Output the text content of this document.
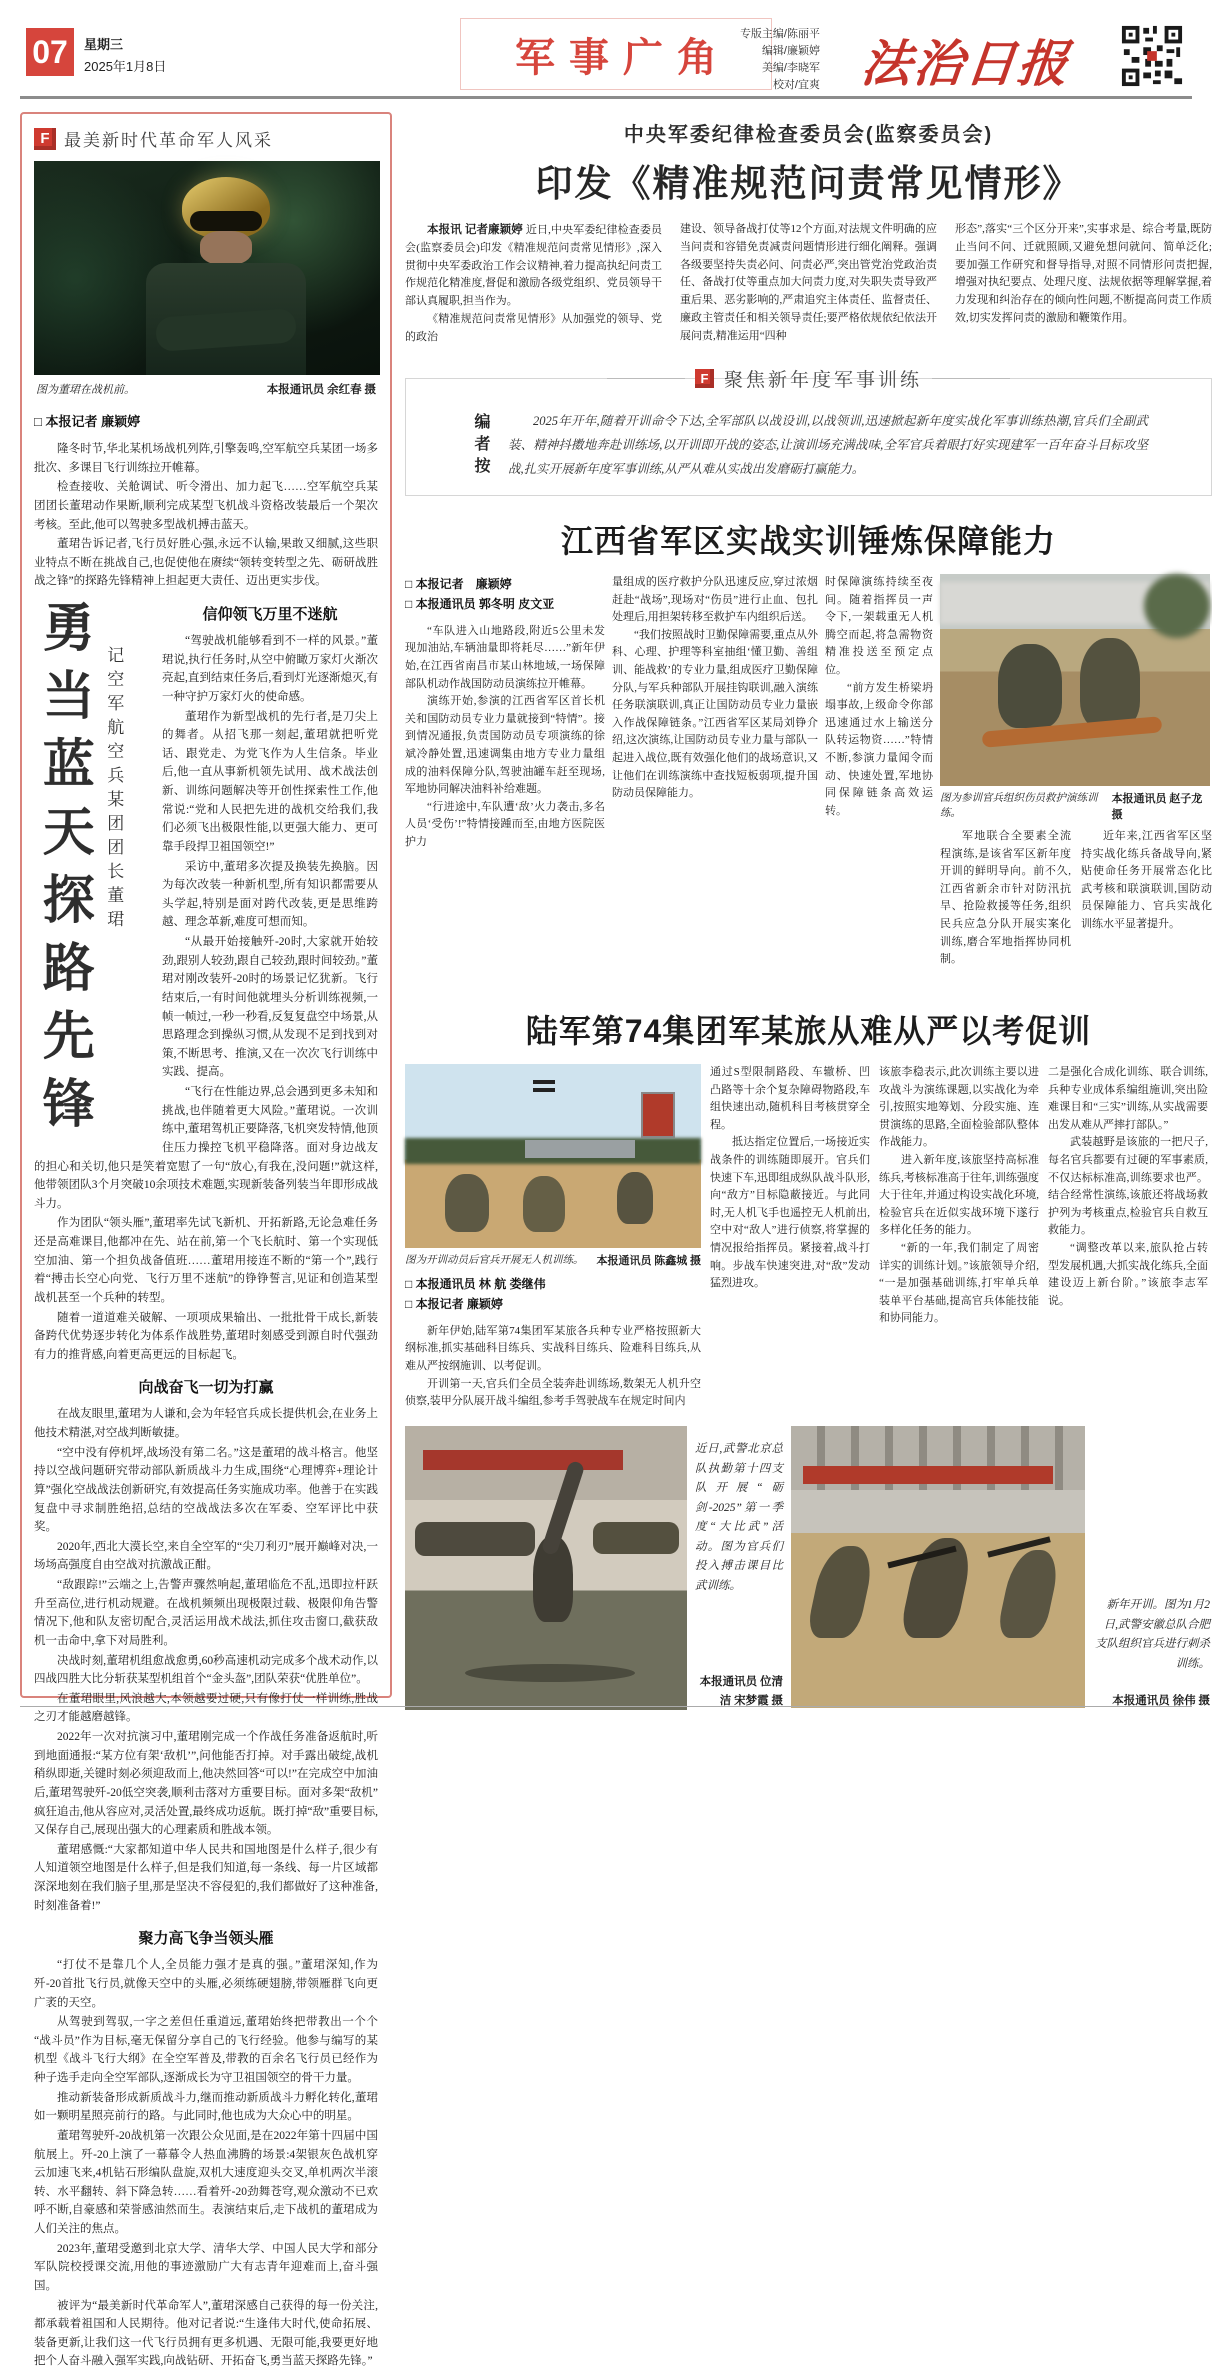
07	星期三
2025年1月8日	军事广角
专版主编/陈丽平
编辑/廉颖婷
美编/李晓军
校对/宜爽 法治日报
F 最美新时代革命军人风采
图为董珺在战机前。	本报通讯员 余红春 摄
□ 本报记者 廉颖婷

隆冬时节,华北某机场战机列阵,引擎轰鸣,空军航空兵某团一场多批次、多课目飞行训练拉开帷幕。

检查接收、关舱调试、听令滑出、加力起飞……空军航空兵某团团长董珺动作果断,顺利完成某型飞机战斗资格改装最后一个架次考核。至此,他可以驾驶多型战机搏击蓝天。

董珺告诉记者,飞行员好胜心强,永远不认输,果敢又细腻,这些职业特点不断在挑战自己,也促使他在赓续“领转变转型之先、砺研战胜战之锋”的探路先锋精神上担起更大责任、迈出更实步伐。

勇当蓝天探路先锋 记空军航空兵某团团长董珺
信仰领飞万里不迷航

“驾驶战机能够看到不一样的风景。”董珺说,执行任务时,从空中俯瞰万家灯火渐次亮起,直到结束任务后,看到灯光逐渐熄灭,有一种守护万家灯火的使命感。

董珺作为新型战机的先行者,是刀尖上的舞者。从招飞那一刻起,董珺就把听党话、跟党走、为党飞作为人生信条。毕业后,他一直从事新机领先试用、战术战法创新、训练问题解决等开创性探索性工作,他常说:“党和人民把先进的战机交给我们,我们必须飞出极限性能,以更强大能力、更可靠手段捍卫祖国领空!”

采访中,董珺多次提及换装先换脑。因为每次改装一种新机型,所有知识都需要从头学起,特别是面对跨代改装,更是思维跨越、理念革新,难度可想而知。

“从最开始接触歼-20时,大家就开始较劲,跟别人较劲,跟自己较劲,跟时间较劲。”董珺对刚改装歼-20时的场景记忆犹新。飞行结束后,一有时间他就埋头分析训练视频,一帧一帧过,一秒一秒看,反复复盘空中场景,从思路理念到操纵习惯,从发现不足到找到对策,不断思考、推演,又在一次次飞行训练中实践、提高。

“飞行在性能边界,总会遇到更多未知和挑战,也伴随着更大风险。”董珺说。一次训练中,董珺驾机正要降落,飞机突发特情,他顶住压力操控飞机平稳降落。面对身边战友的担心和关切,他只是笑着宽慰了一句“放心,有我在,没问题!”就这样,他带领团队3个月突破10余项技术难题,实现新装备列装当年即形成战斗力。

作为团队“领头雁”,董珺率先试飞新机、开拓新路,无论急难任务还是高难课目,他都冲在先、站在前,第一个飞长航时、第一个实现低空加油、第一个担负战备值班……董珺用接连不断的“第一个”,践行着“搏击长空心向党、飞行万里不迷航”的铮铮誓言,见证和创造某型战机甚至一个兵种的转型。

随着一道道难关破解、一项项成果输出、一批批骨干成长,新装备跨代优势逐步转化为体系作战胜势,董珺时刻感受到源自时代强劲有力的推背感,向着更高更远的目标起飞。

向战奋飞一切为打赢

在战友眼里,董珺为人谦和,会为年轻官兵成长提供机会,在业务上他技术精湛,对空战判断敏捷。

“空中没有停机坪,战场没有第二名。”这是董珺的战斗格言。他坚持以空战问题研究带动部队新质战斗力生成,围绕“心理博弈+理论计算”强化空战战法创新研究,有效提高任务实施成功率。他善于在实践复盘中寻求制胜绝招,总结的空战战法多次在军委、空军评比中获奖。

2020年,西北大漠长空,来自全空军的“尖刀利刃”展开巅峰对决,一场场高强度自由空战对抗激战正酣。

“敌跟踪!”云端之上,告警声骤然响起,董珺临危不乱,迅即拉杆跃升至高位,进行机动规避。在战机频频出现极限过载、极限仰角告警情况下,他和队友密切配合,灵活运用战术战法,抓住攻击窗口,截获敌机一击命中,拿下对局胜利。

决战时刻,董珺机组愈战愈勇,60秒高速机动完成多个战术动作,以四战四胜大比分斩获某型机组首个“金头盔”,团队荣获“优胜单位”。

在董珺眼里,风浪越大,本领越要过硬,只有像打仗一样训练,胜战之刃才能越磨越锋。

2022年一次对抗演习中,董珺刚完成一个作战任务准备返航时,听到地面通报:“某方位有架‘敌机’”,问他能否打掉。对手露出破绽,战机稍纵即逝,关键时刻必须迎敌而上,他决然回答“可以!”在完成空中加油后,董珺驾驶歼-20低空突袭,顺利击落对方重要目标。面对多架“敌机”疯狂追击,他从容应对,灵活处置,最终成功返航。既打掉“敌”重要目标,又保存自己,展现出强大的心理素质和胜战本领。

董珺感慨:“大家都知道中华人民共和国地图是什么样子,很少有人知道领空地图是什么样子,但是我们知道,每一条线、每一片区域都深深地刻在我们脑子里,那是坚决不容侵犯的,我们都做好了这种准备,时刻准备着!”

聚力高飞争当领头雁

“打仗不是靠几个人,全员能力强才是真的强。”董珺深知,作为歼-20首批飞行员,就像天空中的头雁,必须练硬翅膀,带领雁群飞向更广袤的天空。

从驾驶到驾驭,一字之差但任重道远,董珺始终把带教出一个个“战斗员”作为目标,毫无保留分享自己的飞行经验。他参与编写的某机型《战斗飞行大纲》在全空军普及,带教的百余名飞行员已经作为种子选手走向全空军部队,逐渐成长为守卫祖国领空的骨干力量。

推动新装备形成新质战斗力,继而推动新质战斗力孵化转化,董珺如一颗明星照亮前行的路。与此同时,他也成为大众心中的明星。

董珺驾驶歼-20战机第一次跟公众见面,是在2022年第十四届中国航展上。歼-20上演了一幕幕令人热血沸腾的场景:4架银灰色战机穿云加速飞来,4机钻石形编队盘旋,双机大速度迎头交叉,单机两次半滚转、水平翻转、斜下降急转……看着歼-20劲舞苍穹,观众激动不已欢呼不断,自豪感和荣誉感油然而生。表演结束后,走下战机的董珺成为人们关注的焦点。

2023年,董珺受邀到北京大学、清华大学、中国人民大学和部分军队院校授课交流,用他的事迹激励广大有志青年迎难而上,奋斗强国。

被评为“最美新时代革命军人”,董珺深感自己获得的每一份关注,都承载着祖国和人民期待。他对记者说:“生逢伟大时代,使命拓展、装备更新,让我们这一代飞行员拥有更多机遇、无限可能,我要更好地把个人奋斗融入强军实践,向战钻研、开拓奋飞,勇当蓝天探路先锋。”

中央军委纪律检查委员会(监察委员会)
印发《精准规范问责常见情形》

本报讯 记者廉颖婷 近日,中央军委纪律检查委员会(监察委员会)印发《精准规范问责常见情形》,深入贯彻中央军委政治工作会议精神,着力提高执纪问责工作规范化精准度,督促和激励各级党组织、党员领导干部认真履职,担当作为。

《精准规范问责常见情形》从加强党的领导、党的政治

建设、领导备战打仗等12个方面,对法规文件明确的应当问责和容错免责减责问题情形进行细化阐释。强调各级要坚持失责必问、问责必严,突出管党治党政治责任、备战打仗等重点加大问责力度,对失职失责导致严重后果、恶劣影响的,严肃追究主体责任、监督责任、廉政主管责任和相关领导责任;要严格依规依纪依法开展问责,精准运用“四种

形态”,落实“三个区分开来”,实事求是、综合考量,既防止当问不问、迁就照顾,又避免想问就问、简单泛化;要加强工作研究和督导指导,对照不同情形问责把握,增强对执纪要点、处理尺度、法规依据等理解掌握,着力发现和纠治存在的倾向性问题,不断提高问责工作质效,切实发挥问责的激励和鞭策作用。

F 聚焦新年度军事训练
编者按	2025年开年,随着开训命令下达,全军部队以战设训,以战领训,迅速掀起新年度实战化军事训练热潮,官兵们全副武装、精神抖擞地奔赴训练场,以开训即开战的姿态,让演训场充满战味,全军官兵着眼打好实现建军一百年奋斗目标攻坚战,扎实开展新年度军事训练,从严从难从实战出发磨砺打赢能力。

江西省军区实战实训锤炼保障能力
□ 本报记者　廉颖婷
□ 本报通讯员 郭冬明 皮文亚

“车队进入山地路段,附近5公里未发现加油站,车辆油量即将耗尽……”新年伊始,在江西省南昌市某山林地域,一场保障部队机动作战国防动员演练拉开帷幕。

演练开始,参演的江西省军区首长机关和国防动员专业力量就接到“特情”。接到情况通报,负责国防动员专项演练的徐斌冷静处置,迅速调集由地方专业力量组成的油料保障分队,驾驶油罐车赶至现场,军地协同解决油料补给难题。

“行进途中,车队遭‘敌’火力袭击,多名人员‘受伤’!”特情接踵而至,由地方医院医护力

量组成的医疗救护分队迅速反应,穿过浓烟赶赴“战场”,现场对“伤员”进行止血、包扎处理后,用担架转移至救护车内组织后送。

“我们按照战时卫勤保障需要,重点从外科、心理、护理等科室抽组‘懂卫勤、善组训、能战救’的专业力量,组成医疗卫勤保障分队,与军兵种部队开展挂钩联训,融入演练任务联演联训,真正让国防动员专业力量嵌入作战保障链条。”江西省军区某局刘铮介绍,这次演练,让国防动员专业力量与部队一起进入战位,既有效强化他们的战场意识,又让他们在训练演练中查找短板弱项,提升国防动员保障能力。

时保障演练持续至夜间。随着指挥员一声令下,一架载重无人机腾空而起,将急需物资精准投送至预定点位。

“前方发生桥梁坍塌事故,上级命令你部迅速通过水上输送分队转运物资……”特情不断,参演力量闻令而动、快速处置,军地协同保障链条高效运转。

图为参训官兵组织伤员救护演练训练。
本报通讯员 赵子龙 摄

军地联合全要素全流程演练,是该省军区新年度开训的鲜明导向。前不久,江西省新余市针对防汛抗旱、抢险救援等任务,组织民兵应急分队开展实案化训练,磨合军地指挥协同机制。

近年来,江西省军区坚持实战化练兵备战导向,紧贴使命任务开展常态化比武考核和联演联训,国防动员保障能力、官兵实战化训练水平显著提升。

陆军第74集团军某旅从难从严以考促训
图为开训动员后官兵开展无人机训练。 本报通讯员 陈鑫城 摄
□ 本报通讯员 林 航 娄继伟
□ 本报记者 廉颖婷

新年伊始,陆军第74集团军某旅各兵种专业严格按照新大纲标准,抓实基础科目练兵、实战科目练兵、险难科目练兵,从难从严按纲施训、以考促训。

开训第一天,官兵们全员全装奔赴训练场,数架无人机升空侦察,装甲分队展开战斗编组,参考手驾驶战车在规定时间内

通过S型限制路段、车辙桥、凹凸路等十余个复杂障碍物路段,车组快速出动,随机科目考核贯穿全程。

抵达指定位置后,一场接近实战条件的训练随即展开。官兵们快速下车,迅即组成纵队战斗队形,向“敌方”目标隐蔽接近。与此同时,无人机飞手也遥控无人机前出,空中对“敌人”进行侦察,将掌握的情况报给指挥员。紧接着,战斗打响。步战车快速突进,对“敌”发动猛烈进攻。

该旅李稳表示,此次训练主要以进攻战斗为演练课题,以实战化为牵引,按照实地筹划、分段实施、连贯演练的思路,全面检验部队整体作战能力。

进入新年度,该旅坚持高标准练兵,考核标准高于往年,训练强度大于往年,并通过构设实战化环境,检验官兵在近似实战环境下遂行多样化任务的能力。

“新的一年,我们制定了周密详实的训练计划。”该旅领导介绍,“一是加强基础训练,打牢单兵单装单平台基础,提高官兵体能技能和协同能力。

二是强化合成化训练、联合训练,兵种专业成体系编组施训,突出险难课目和“三实”训练,从实战需要出发从难从严摔打部队。”

武装越野是该旅的一把尺子,每名官兵都要有过硬的军事素质,不仅达标标准高,训练要求也严。结合经常性演练,该旅还将战场救护列为考核重点,检验官兵自救互救能力。

“调整改革以来,旅队抢占转型发展机遇,大抓实战化练兵,全面建设迈上新台阶。”该旅李志军说。

近日,武警北京总队执勤第十四支队开展“砺剑-2025”第一季度“大比武”活动。图为官兵们投入搏击课目比武训练。
本报通讯员 位清洁 宋梦霞 摄
新年开训。图为1月2日,武警安徽总队合肥支队组织官兵进行刺杀训练。
本报通讯员 徐伟 摄
